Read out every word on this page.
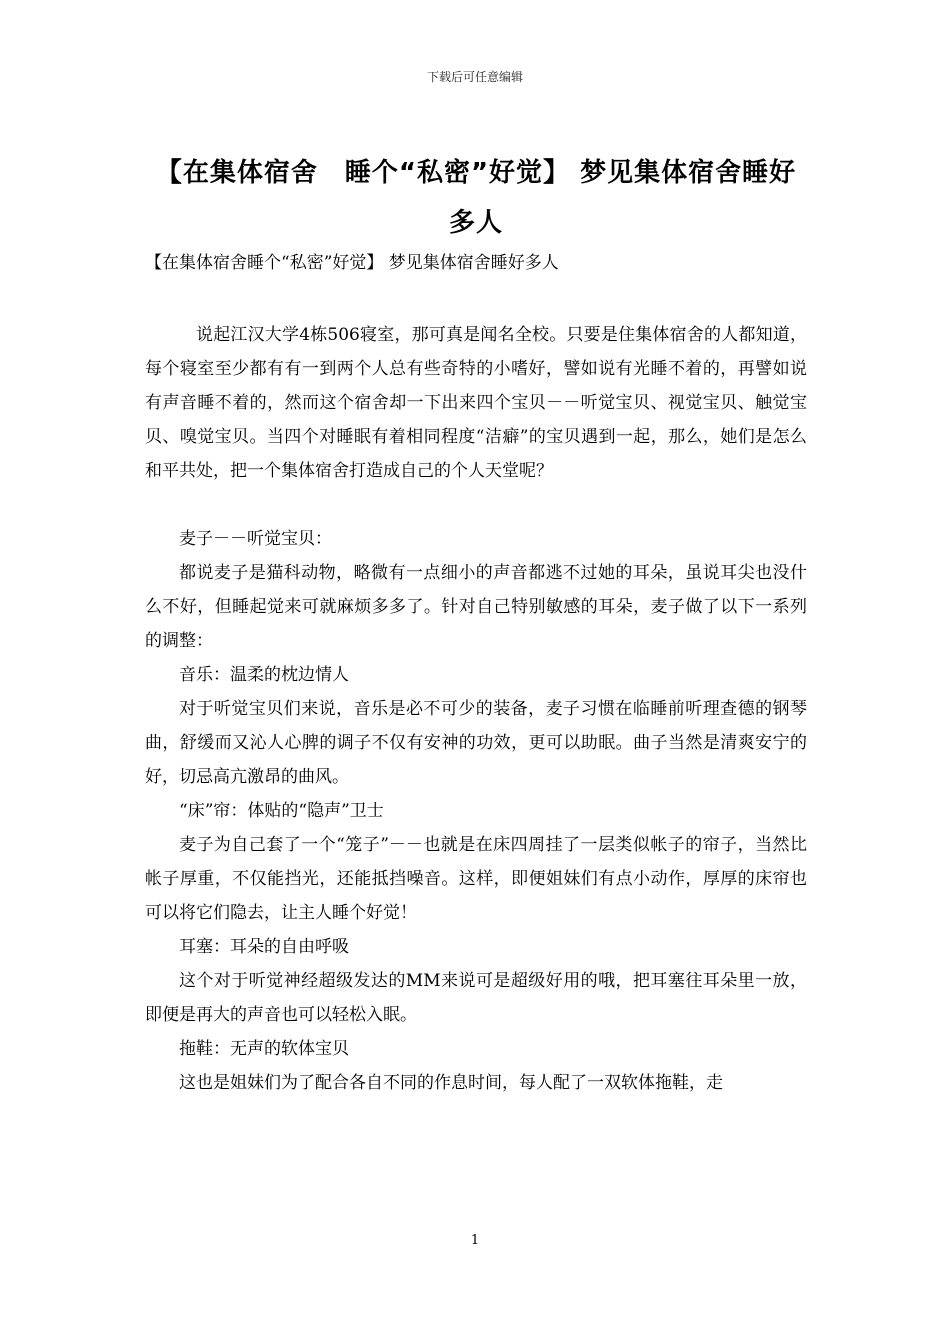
下载后可任意编辑
【在集体宿舍　睡个“私密”好觉】 梦见集体宿舍睡好多人
【在集体宿舍睡个“私密”好觉】 梦见集体宿舍睡好多人

说起江汉大学4栋506寝室，那可真是闻名全校。只要是住集体宿舍的人都知道，每个寝室至少都有有一到两个人总有些奇特的小嗜好，譬如说有光睡不着的，再譬如说有声音睡不着的，然而这个宿舍却一下出来四个宝贝－－听觉宝贝、视觉宝贝、触觉宝贝、嗅觉宝贝。当四个对睡眠有着相同程度“洁癖”的宝贝遇到一起，那么，她们是怎么和平共处，把一个集体宿舍打造成自己的个人天堂呢？

麦子－－听觉宝贝：

都说麦子是猫科动物，略微有一点细小的声音都逃不过她的耳朵，虽说耳尖也没什么不好，但睡起觉来可就麻烦多多了。针对自己特别敏感的耳朵，麦子做了以下一系列的调整：

音乐：温柔的枕边情人

对于听觉宝贝们来说，音乐是必不可少的装备，麦子习惯在临睡前听理查德的钢琴曲，舒缓而又沁人心脾的调子不仅有安神的功效，更可以助眠。曲子当然是清爽安宁的好，切忌高亢激昂的曲风。

“床”帘：体贴的“隐声”卫士

麦子为自己套了一个“笼子”－－也就是在床四周挂了一层类似帐子的帘子，当然比帐子厚重，不仅能挡光，还能抵挡噪音。这样，即便姐妹们有点小动作，厚厚的床帘也可以将它们隐去，让主人睡个好觉！

耳塞：耳朵的自由呼吸

这个对于听觉神经超级发达的MM来说可是超级好用的哦，把耳塞往耳朵里一放，即便是再大的声音也可以轻松入眠。

拖鞋：无声的软体宝贝

这也是姐妹们为了配合各自不同的作息时间，每人配了一双软体拖鞋，走

1
